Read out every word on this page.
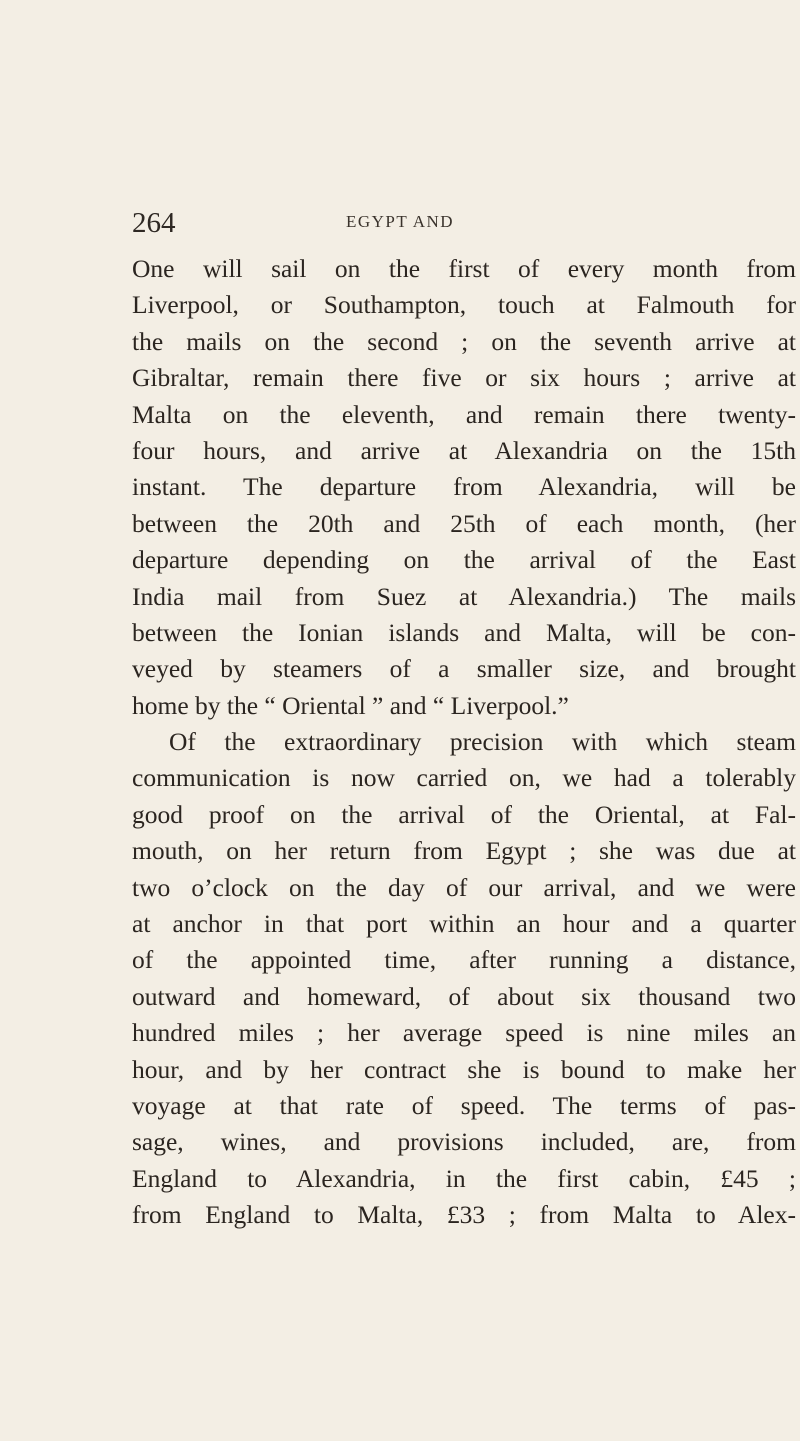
264	EGYPT AND
One will sail on the first of every month from
Liverpool, or Southampton, touch at Falmouth for
the mails on the second ; on the seventh arrive at
Gibraltar, remain there five or six hours ; arrive at
Malta on the eleventh, and remain there twenty-
four hours, and arrive at Alexandria on the 15th
instant. The departure from Alexandria, will be
between the 20th and 25th of each month, (her
departure depending on the arrival of the East
India mail from Suez at Alexandria.) The mails
between the Ionian islands and Malta, will be con-
veyed by steamers of a smaller size, and brought
home by the “ Oriental ” and “ Liverpool.”
Of the extraordinary precision with which steam
communication is now carried on, we had a tolerably
good proof on the arrival of the Oriental, at Fal-
mouth, on her return from Egypt ; she was due at
two o’clock on the day of our arrival, and we were
at anchor in that port within an hour and a quarter
of the appointed time, after running a distance,
outward and homeward, of about six thousand two
hundred miles ; her average speed is nine miles an
hour, and by her contract she is bound to make her
voyage at that rate of speed. The terms of pas-
sage, wines, and provisions included, are, from
England to Alexandria, in the first cabin, £45 ;
from England to Malta, £33 ; from Malta to Alex-
